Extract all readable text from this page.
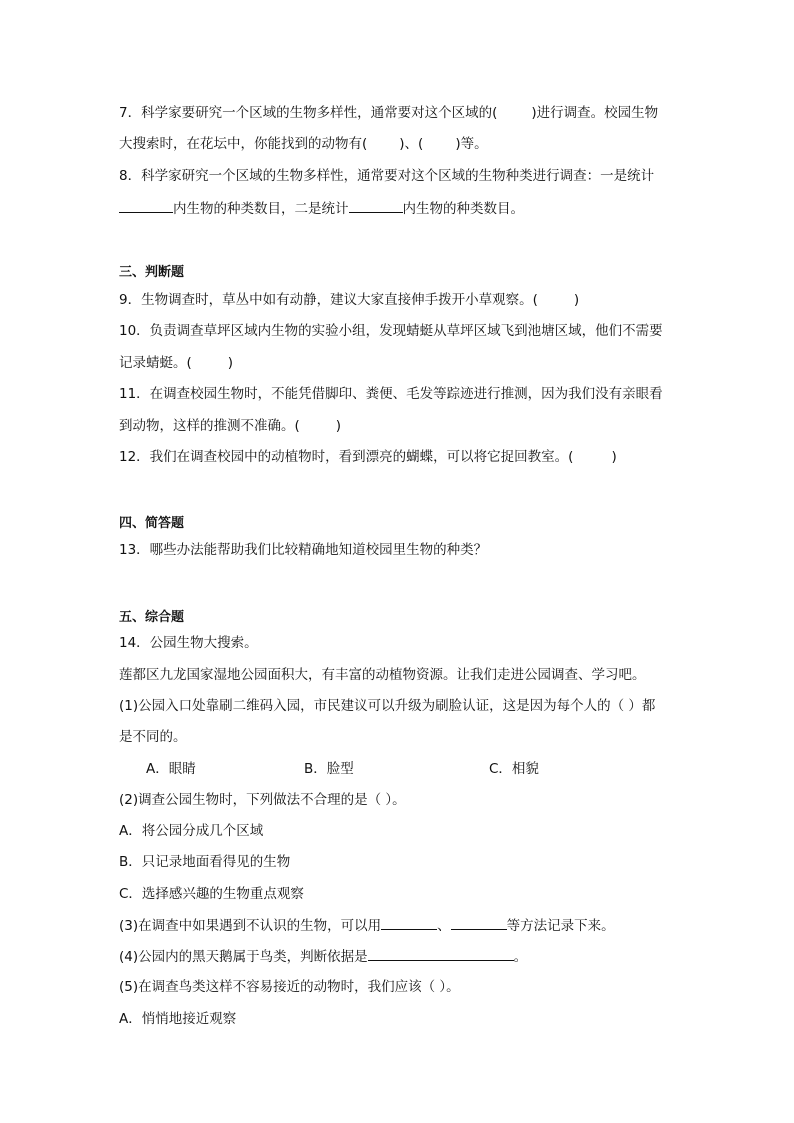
7．科学家要研究一个区域的生物多样性，通常要对这个区域的(	)进行调查。校园生物
大搜索时，在花坛中，你能找到的动物有( )、( )等。
8．科学家研究一个区域的生物多样性，通常要对这个区域的生物种类进行调查：一是统计
内生物的种类数目，二是统计	内生物的种类数目。
三、判断题
9．生物调查时，草丛中如有动静，建议大家直接伸手拨开小草观察。(	)
10．负责调查草坪区域内生物的实验小组，发现蜻蜓从草坪区域飞到池塘区域，他们不需要
记录蜻蜓。(	)
11．在调查校园生物时，不能凭借脚印、粪便、毛发等踪迹进行推测，因为我们没有亲眼看
到动物，这样的推测不准确。(	)
12．我们在调查校园中的动植物时，看到漂亮的蝴蝶，可以将它捉回教室。(	)
四、简答题
13．哪些办法能帮助我们比较精确地知道校园里生物的种类？
五、综合题
14．公园生物大搜索。
莲都区九龙国家湿地公园面积大，有丰富的动植物资源。让我们走进公园调查、学习吧。
(1)公园入口处靠刷二维码入园，市民建议可以升级为刷脸认证，这是因为每个人的（ ）都
是不同的。
A．眼睛	B．脸型	C．相貌
(2)调查公园生物时，下列做法不合理的是（ ）。
A．将公园分成几个区域
B．只记录地面看得见的生物
C．选择感兴趣的生物重点观察
(3)在调查中如果遇到不认识的生物，可以用	、	等方法记录下来。
(4)公园内的黑天鹅属于鸟类，判断依据是	。
(5)在调查鸟类这样不容易接近的动物时，我们应该（ ）。
A．悄悄地接近观察
